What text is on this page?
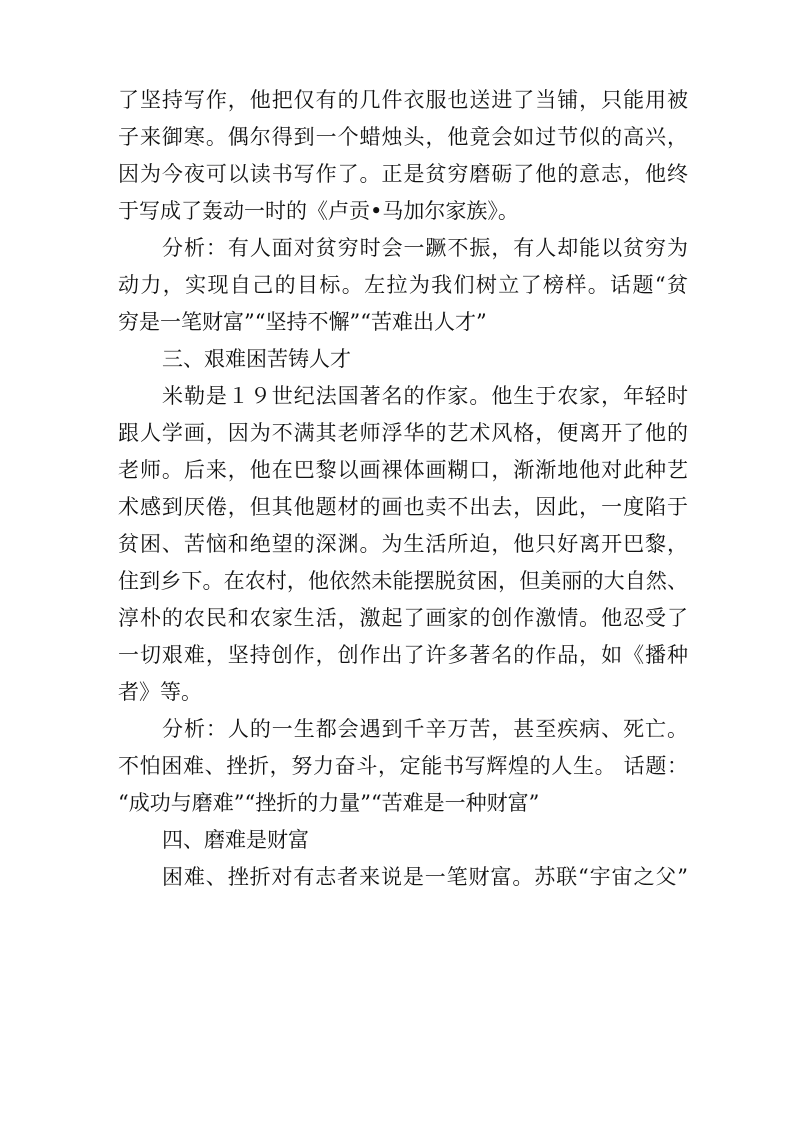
了坚持写作，他把仅有的几件衣服也送进了当铺，只能用被
子来御寒。偶尔得到一个蜡烛头，他竟会如过节似的高兴，
因为今夜可以读书写作了。正是贫穷磨砺了他的意志，他终
于写成了轰动一时的《卢贡•马加尔家族》。
分析：有人面对贫穷时会一蹶不振，有人却能以贫穷为
动力，实现自己的目标。左拉为我们树立了榜样。话题“贫
穷是一笔财富”“坚持不懈”“苦难出人才”
三、艰难困苦铸人才
米勒是１９世纪法国著名的作家。他生于农家，年轻时
跟人学画，因为不满其老师浮华的艺术风格，便离开了他的
老师。后来，他在巴黎以画裸体画糊口，渐渐地他对此种艺
术感到厌倦，但其他题材的画也卖不出去，因此，一度陷于
贫困、苦恼和绝望的深渊。为生活所迫，他只好离开巴黎，
住到乡下。在农村，他依然未能摆脱贫困，但美丽的大自然、
淳朴的农民和农家生活，激起了画家的创作激情。他忍受了
一切艰难，坚持创作，创作出了许多著名的作品，如《播种
者》等。
分析：人的一生都会遇到千辛万苦，甚至疾病、死亡。
不怕困难、挫折，努力奋斗，定能书写辉煌的人生。 话题：
“成功与磨难”“挫折的力量”“苦难是一种财富”
四、磨难是财富
困难、挫折对有志者来说是一笔财富。苏联“宇宙之父”
